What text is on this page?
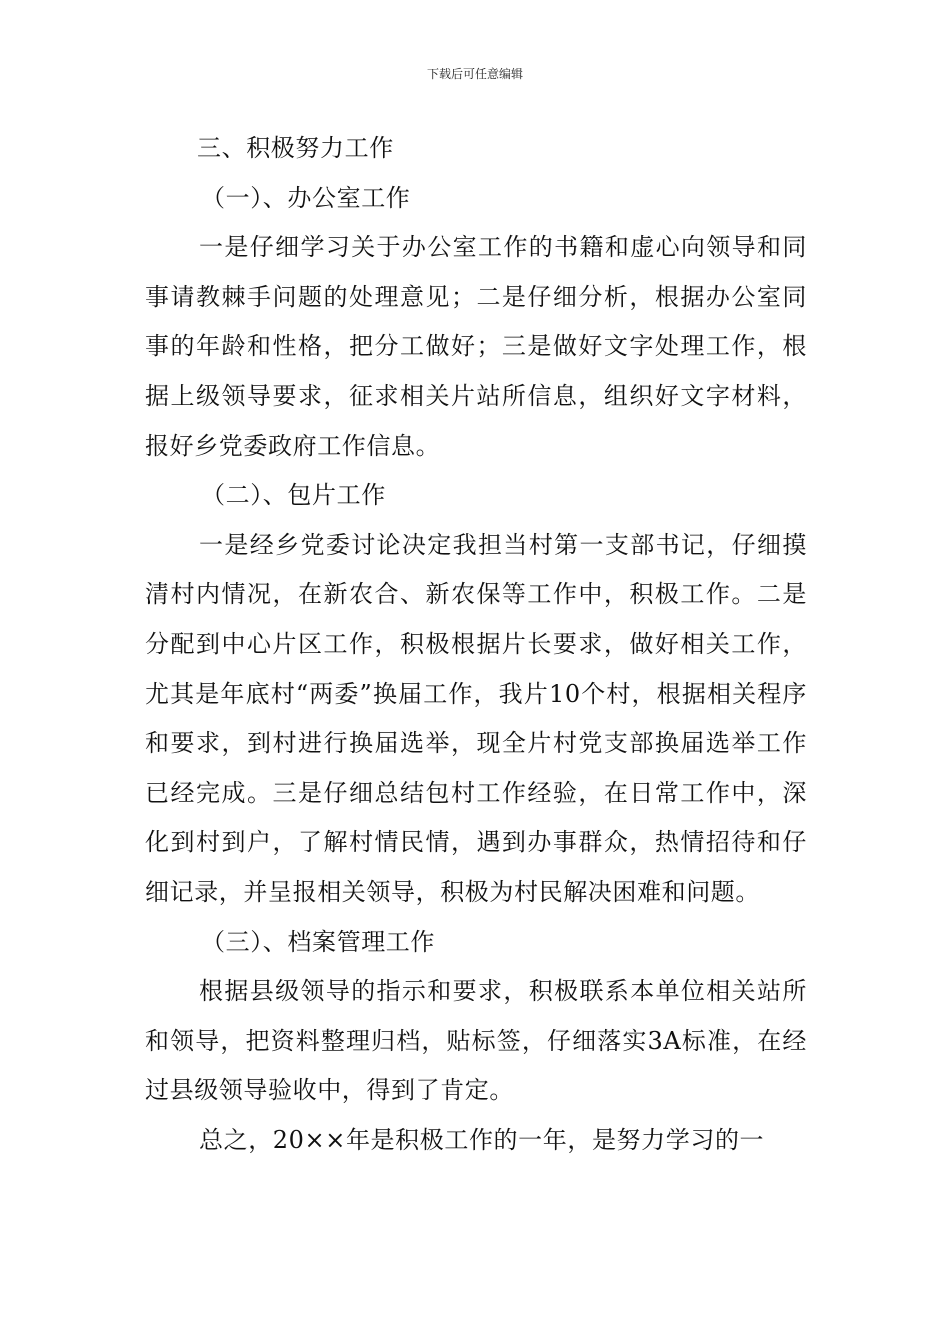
下载后可任意编辑

三、积极努力工作

（一）、办公室工作

一是仔细学习关于办公室工作的书籍和虚心向领导和同事请教棘手问题的处理意见；二是仔细分析，根据办公室同事的年龄和性格，把分工做好；三是做好文字处理工作，根据上级领导要求，征求相关片站所信息，组织好文字材料，报好乡党委政府工作信息。

（二）、包片工作

一是经乡党委讨论决定我担当村第一支部书记，仔细摸清村内情况，在新农合、新农保等工作中，积极工作。二是分配到中心片区工作，积极根据片长要求，做好相关工作，尤其是年底村“两委”换届工作，我片10个村，根据相关程序和要求，到村进行换届选举，现全片村党支部换届选举工作已经完成。三是仔细总结包村工作经验，在日常工作中，深化到村到户，了解村情民情，遇到办事群众，热情招待和仔细记录，并呈报相关领导，积极为村民解决困难和问题。

（三）、档案管理工作

根据县级领导的指示和要求，积极联系本单位相关站所和领导，把资料整理归档，贴标签，仔细落实3A标准，在经过县级领导验收中，得到了肯定。

总之，20××年是积极工作的一年，是努力学习的一
